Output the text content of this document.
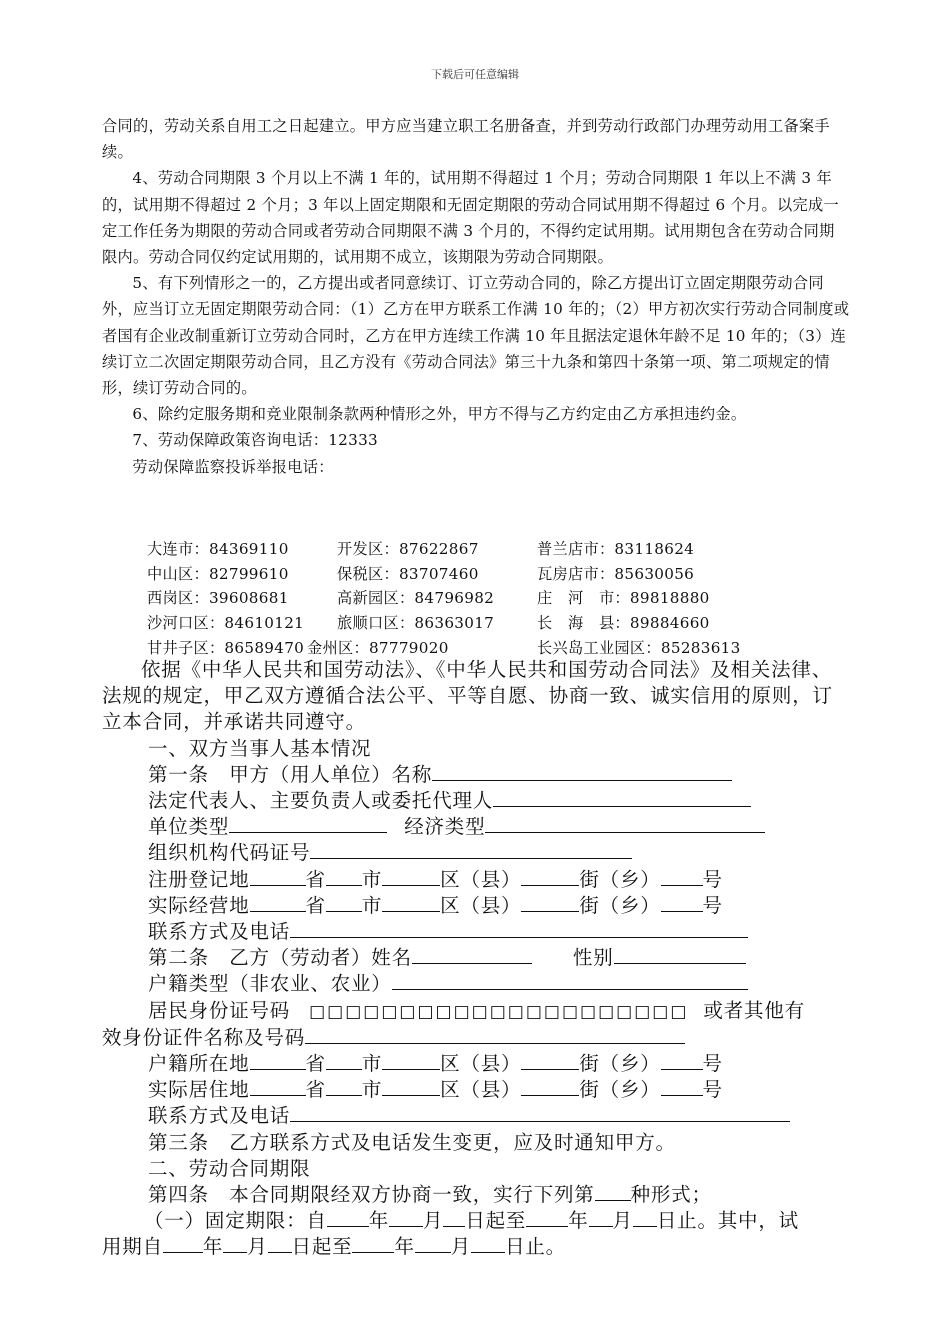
下载后可任意编辑

合同的，劳动关系自用工之日起建立。甲方应当建立职工名册备查，并到劳动行政部门办理劳动用工备案手续。

4、劳动合同期限 3 个月以上不满 1 年的，试用期不得超过 1 个月；劳动合同期限 1 年以上不满 3 年的，试用期不得超过 2 个月；3 年以上固定期限和无固定期限的劳动合同试用期不得超过 6 个月。以完成一定工作任务为期限的劳动合同或者劳动合同期限不满 3 个月的，不得约定试用期。试用期包含在劳动合同期限内。劳动合同仅约定试用期的，试用期不成立，该期限为劳动合同期限。

5、有下列情形之一的，乙方提出或者同意续订、订立劳动合同的，除乙方提出订立固定期限劳动合同外，应当订立无固定期限劳动合同：（1）乙方在甲方联系工作满 10 年的；（2）甲方初次实行劳动合同制度或者国有企业改制重新订立劳动合同时，乙方在甲方连续工作满 10 年且据法定退休年龄不足 10 年的；（3）连续订立二次固定期限劳动合同，且乙方没有《劳动合同法》第三十九条和第四十条第一项、第二项规定的情形，续订劳动合同的。

6、除约定服务期和竞业限制条款两种情形之外，甲方不得与乙方约定由乙方承担违约金。

7、劳动保障政策咨询电话：12333

劳动保障监察投诉举报电话：

大连市：84369110	开发区：87622867	普兰店市：83118624
中山区：82799610	保税区：83707460	瓦房店市：85630056
西岗区：39608681	高新园区：84796982	庄　河　市：89818880
沙河口区：84610121 旅顺口区：86363017	长　海　县：89884660
甘井子区：86589470 金州区：87779020	长兴岛工业园区：85283613

依据《中华人民共和国劳动法》、《中华人民共和国劳动合同法》及相关法律、法规的规定，甲乙双方遵循合法公平、平等自愿、协商一致、诚实信用的原则，订立本合同，并承诺共同遵守。

一、双方当事人基本情况
第一条　甲方（用人单位）名称
法定代表人、主要负责人或委托代理人
单位类型	经济类型
组织机构代码证号
注册登记地	省 市	区（县）	街（乡） 号
实际经营地	省 市	区（县）	街（乡） 号
联系方式及电话
第二条　乙方（劳动者）姓名	性别
户籍类型（非农业、农业）
居民身份证号码 □□□□□□□□□□□□□□□□□□□□□ 或者其他有
效身份证件名称及号码
户籍所在地	省 市	区（县）	街（乡） 号
实际居住地	省 市	区（县）	街（乡） 号
联系方式及电话
第三条　乙方联系方式及电话发生变更，应及时通知甲方。
二、劳动合同期限
第四条　本合同期限经双方协商一致，实行下列第 种形式；
（一）固定期限：自 年 月 日起至 年 月 日止。其中，试
用期自 年 月 日起至 年 月 日止。
